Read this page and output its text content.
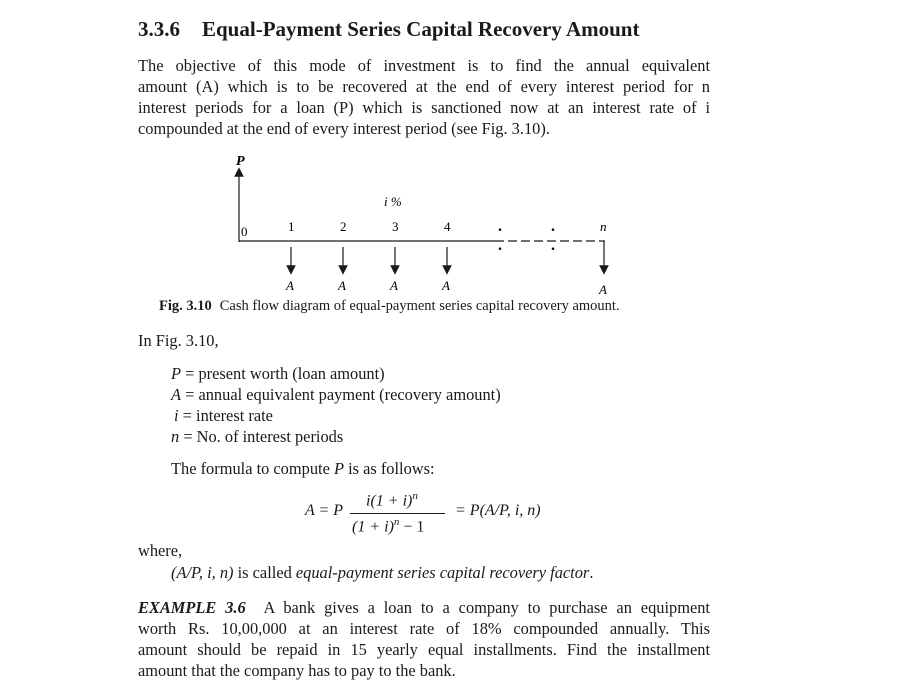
3.3.6 Equal-Payment Series Capital Recovery Amount
The objective of this mode of investment is to find the annual equivalent
amount (A) which is to be recovered at the end of every interest period for n
interest periods for a loan (P) which is sanctioned now at an interest rate of i
compounded at the end of every interest period (see Fig. 3.10).
P
i %
0	1	2	3	4	.	.
.	.
n
A	A	A	A	A
Fig. 3.10 Cash flow diagram of equal-payment series capital recovery amount.
In Fig. 3.10,
P = present worth (loan amount)
A = annual equivalent payment (recovery amount)
i = interest rate
n = No. of interest periods
The formula to compute P is as follows:
A = P
$i(1 + i)^n$
$(1 + i)^n - 1$
= P(A/P, i, n)
where,
(A/P, i, n) is called equal-payment series capital recovery factor.
EXAMPLE 3.6 A bank gives a loan to a company to purchase an equipment
worth Rs. 10,00,000 at an interest rate of 18% compounded annually. This
amount should be repaid in 15 yearly equal installments. Find the installment
amount that the company has to pay to the bank.
